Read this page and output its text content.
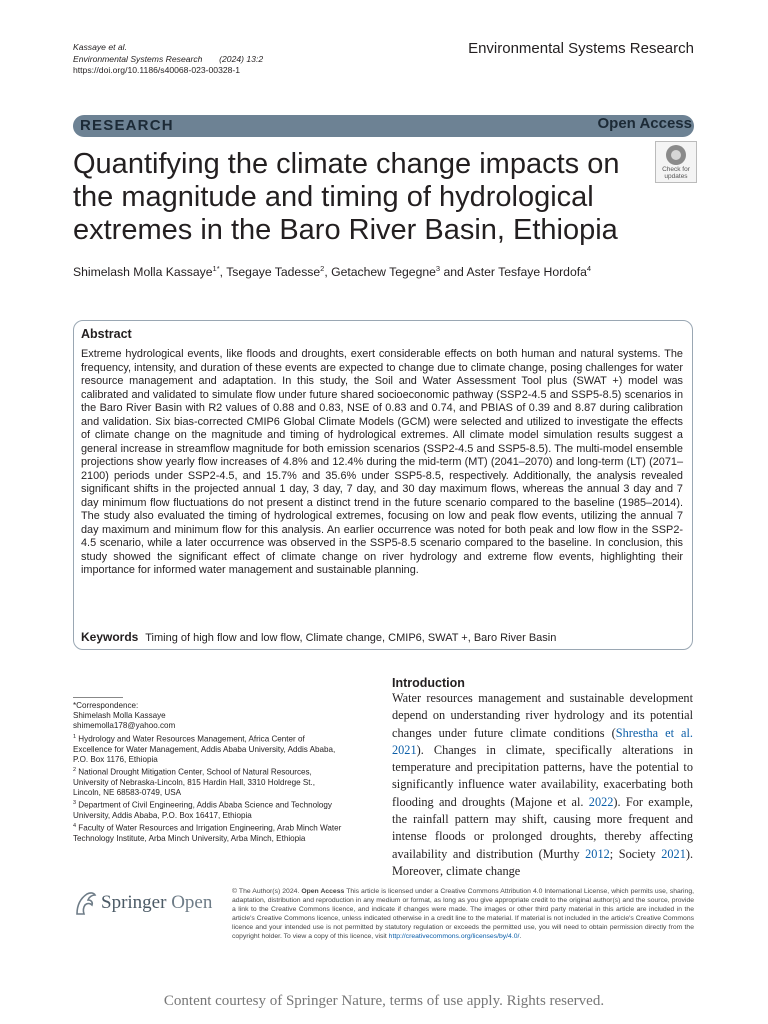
Kassaye et al.
Environmental Systems Research (2024) 13:2
https://doi.org/10.1186/s40068-023-00328-1
Environmental Systems Research
RESEARCH	Open Access
Quantifying the climate change impacts on the magnitude and timing of hydrological extremes in the Baro River Basin, Ethiopia
Check for
updates
Shimelash Molla Kassaye$^{1*}$, Tsegaye Tadesse$^2$, Getachew Tegegne$^3$ and Aster Tesfaye Hordofa$^4$
Abstract
Extreme hydrological events, like floods and droughts, exert considerable effects on both human and natural systems. The frequency, intensity, and duration of these events are expected to change due to climate change, posing challenges for water resource management and adaptation. In this study, the Soil and Water Assessment Tool plus (SWAT +) model was calibrated and validated to simulate flow under future shared socioeconomic pathway (SSP2-4.5 and SSP5-8.5) scenarios in the Baro River Basin with R2 values of 0.88 and 0.83, NSE of 0.83 and 0.74, and PBIAS of 0.39 and 8.87 during calibration and validation. Six bias-corrected CMIP6 Global Climate Models (GCM) were selected and utilized to investigate the effects of climate change on the magnitude and timing of hydrological extremes. All climate model simulation results suggest a general increase in streamflow magnitude for both emission scenarios (SSP2-4.5 and SSP5-8.5). The multi-model ensemble projections show yearly flow increases of 4.8% and 12.4% during the mid-term (MT) (2041–2070) and long-term (LT) (2071–2100) periods under SSP2-4.5, and 15.7% and 35.6% under SSP5-8.5, respectively. Additionally, the analysis revealed significant shifts in the projected annual 1 day, 3 day, 7 day, and 30 day maximum flows, whereas the annual 3 day and 7 day minimum flow fluctuations do not present a distinct trend in the future scenario compared to the baseline (1985–2014). The study also evaluated the timing of hydrological extremes, focusing on low and peak flow events, utilizing the annual 7 day maximum and minimum flow for this analysis. An earlier occurrence was noted for both peak and low flow in the SSP2-4.5 scenario, while a later occurrence was observed in the SSP5-8.5 scenario compared to the baseline. In conclusion, this study showed the significant effect of climate change on river hydrology and extreme flow events, highlighting their importance for informed water management and sustainable planning.
Keywords Timing of high flow and low flow, Climate change, CMIP6, SWAT +, Baro River Basin

*Correspondence:

Shimelash Molla Kassaye

shimemolla178@yahoo.com

$^1$ Hydrology and Water Resources Management, Africa Center of Excellence for Water Management, Addis Ababa University, Addis Ababa, P.O. Box 1176, Ethiopia

$^2$ National Drought Mitigation Center, School of Natural Resources, University of Nebraska-Lincoln, 815 Hardin Hall, 3310 Holdrege St., Lincoln, NE 68583-0749, USA

$^3$ Department of Civil Engineering, Addis Ababa Science and Technology University, Addis Ababa, P.O. Box 16417, Ethiopia

$^4$ Faculty of Water Resources and Irrigation Engineering, Arab Minch Water Technology Institute, Arba Minch University, Arba Minch, Ethiopia

Introduction
Water resources management and sustainable development depend on understanding river hydrology and its potential changes under future climate conditions (Shrestha et al. 2021). Changes in climate, specifically alterations in temperature and precipitation patterns, have the potential to significantly influence water availability, exacerbating both flooding and droughts (Majone et al. 2022). For example, the rainfall pattern may shift, causing more frequent and intense floods or prolonged droughts, thereby affecting availability and distribution (Murthy 2012; Society 2021). Moreover, climate change
Springer Open
© The Author(s) 2024. Open Access This article is licensed under a Creative Commons Attribution 4.0 International License, which permits use, sharing, adaptation, distribution and reproduction in any medium or format, as long as you give appropriate credit to the original author(s) and the source, provide a link to the Creative Commons licence, and indicate if changes were made. The images or other third party material in this article are included in the article's Creative Commons licence, unless indicated otherwise in a credit line to the material. If material is not included in the article's Creative Commons licence and your intended use is not permitted by statutory regulation or exceeds the permitted use, you will need to obtain permission directly from the copyright holder. To view a copy of this licence, visit http://creativecommons.org/licenses/by/4.0/.
Content courtesy of Springer Nature, terms of use apply. Rights reserved.
